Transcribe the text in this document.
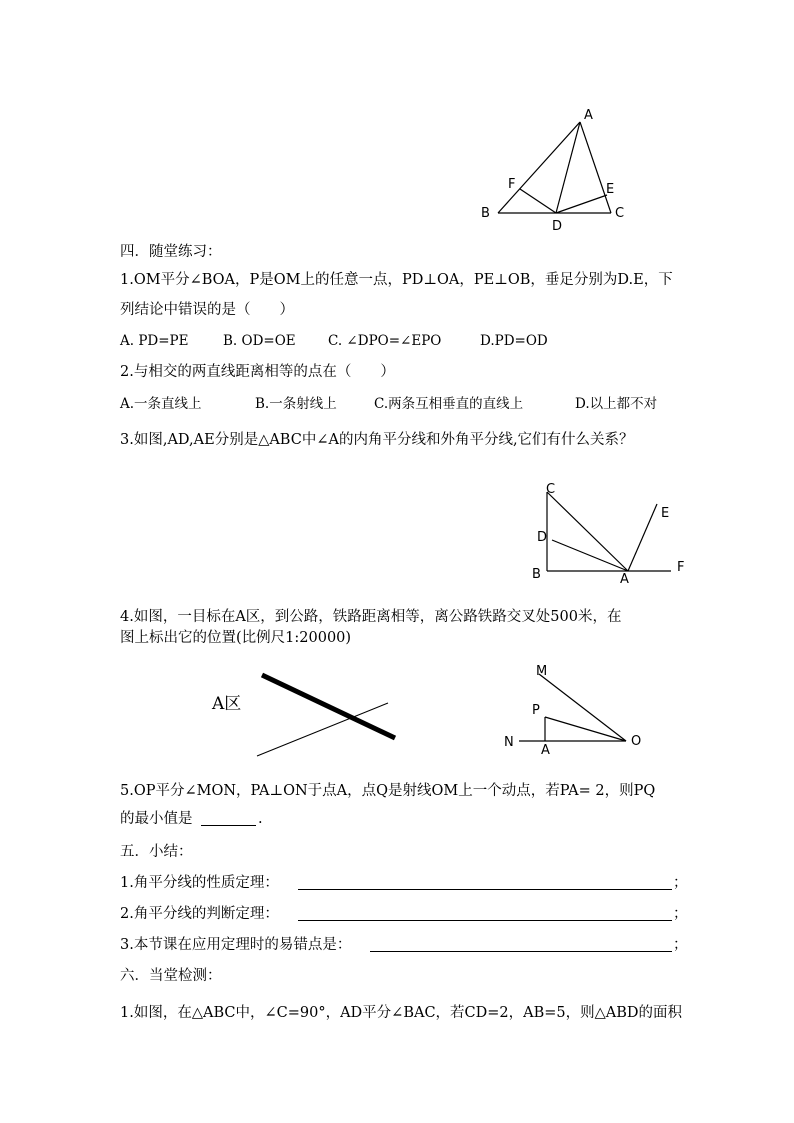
A
B	C
D
E
F
四．随堂练习：
1.OM平分∠BOA，P是OM上的任意一点，PD⊥OA，PE⊥OB，垂足分别为D.E，下
列结论中错误的是（　　）
A. PD=PE	B. OD=OE C. ∠DPO=∠EPO	D.PD=OD
2.与相交的两直线距离相等的点在（　　）
A.一条直线上	B.一条射线上	C.两条互相垂直的直线上	D.以上都不对
3.如图,AD,AE分别是△ABC中∠A的内角平分线和外角平分线,它们有什么关系？
C
D
B	A
E
F
4.如图，一目标在A区，到公路，铁路距离相等，离公路铁路交叉处500米，在
图上标出它的位置(比例尺1:20000)
A区
M
P
N
A
O
5.OP平分∠MON，PA⊥ON于点A，点Q是射线OM上一个动点，若PA= 2，则PQ
的最小值是	.
五．小结：
1.角平分线的性质定理：	；
2.角平分线的判断定理：	；
3.本节课在应用定理时的易错点是：	；
六．当堂检测：
1.如图，在△ABC中，∠C=90°，AD平分∠BAC，若CD=2，AB=5，则△ABD的面积
